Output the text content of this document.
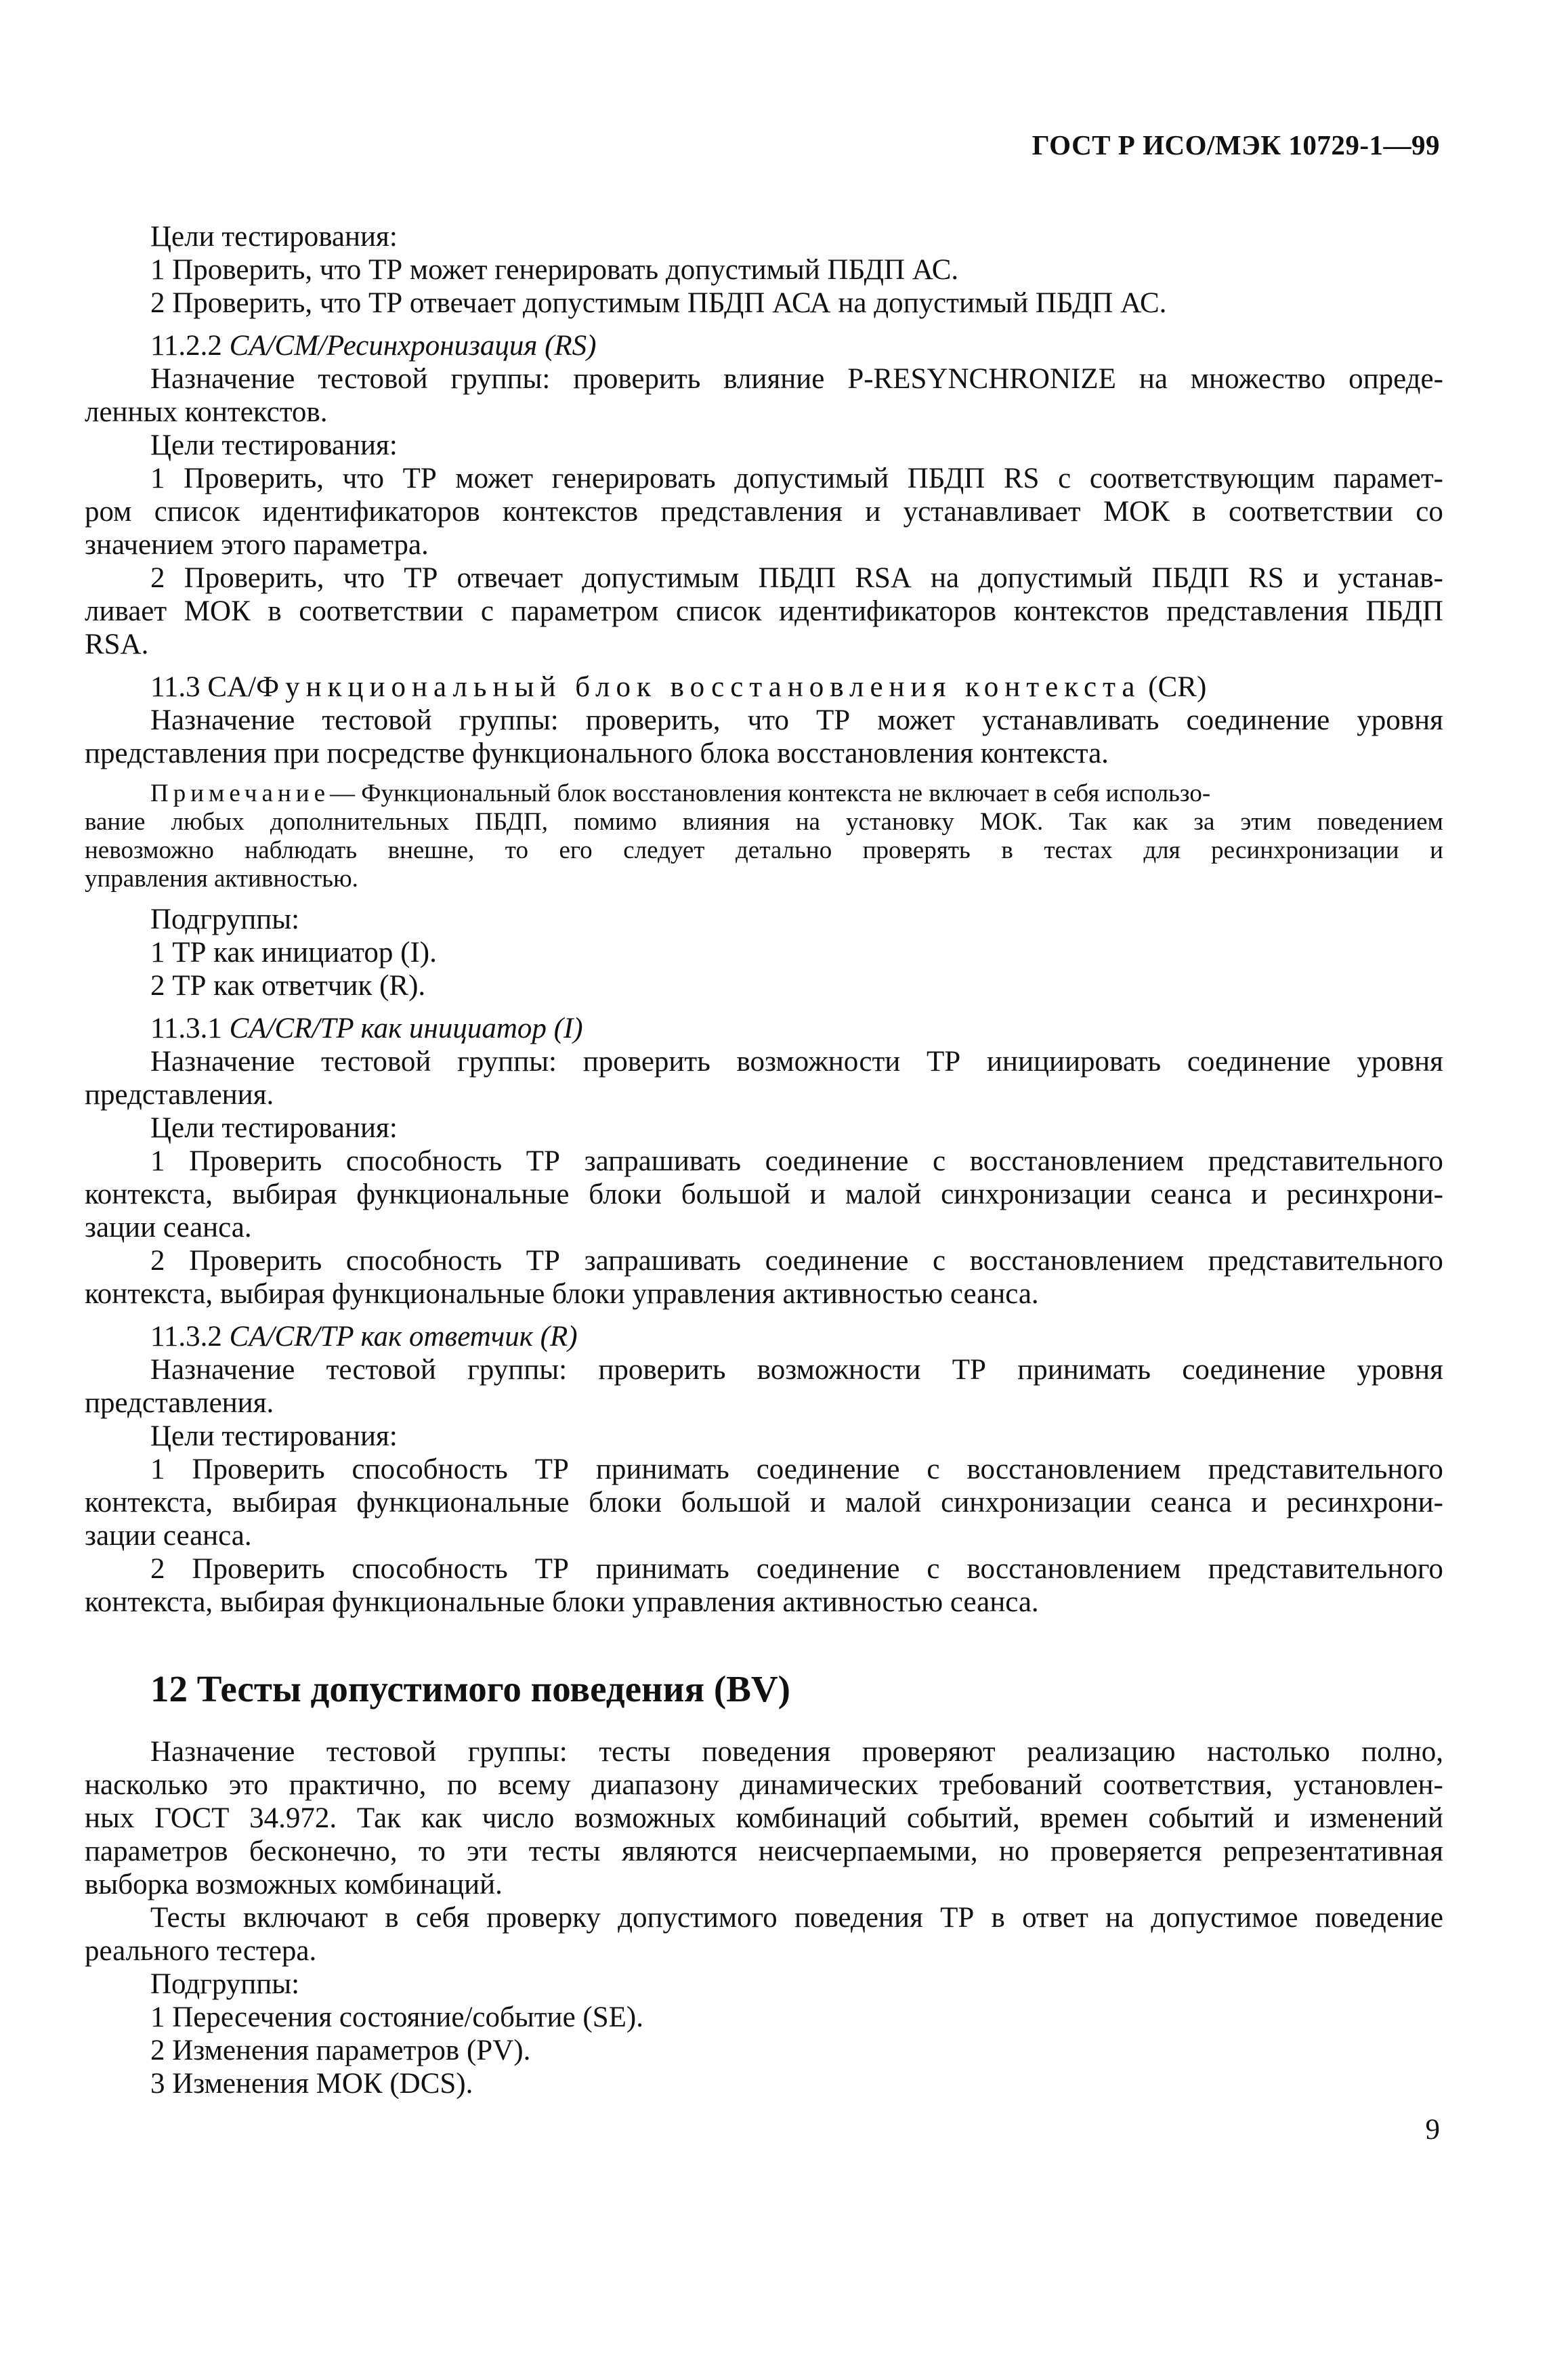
ГОСТ Р ИСО/МЭК 10729-1—99
Цели тестирования:
1 Проверить, что ТР может генерировать допустимый ПБДП АС.
2 Проверить, что ТР отвечает допустимым ПБДП АСА на допустимый ПБДП АС.
11.2.2 CA/CM/Ресинхронизация (RS)
Назначение тестовой группы: проверить влияние P-RESYNCHRONIZE на множество опреде-
ленных контекстов.
Цели тестирования:
1 Проверить, что ТР может генерировать допустимый ПБДП RS с соответствующим парамет-
ром список идентификаторов контекстов представления и устанавливает МОК в соответствии со
значением этого параметра.
2 Проверить, что ТР отвечает допустимым ПБДП RSA на допустимый ПБДП RS и устанав-
ливает МОК в соответствии с параметром список идентификаторов контекстов представления ПБДП
RSA.
11.3 CA/Функциональный блок восстановления контекста (CR)
Назначение тестовой группы: проверить, что ТР может устанавливать соединение уровня
представления при посредстве функционального блока восстановления контекста.
Примечание— Функциональный блок восстановления контекста не включает в себя использо-
вание любых дополнительных ПБДП, помимо влияния на установку МОК. Так как за этим поведением
невозможно наблюдать внешне, то его следует детально проверять в тестах для ресинхронизации и
управления активностью.
Подгруппы:
1 ТР как инициатор (I).
2 ТР как ответчик (R).
11.3.1 CA/CR/TP как инициатор (I)
Назначение тестовой группы: проверить возможности ТР инициировать соединение уровня
представления.
Цели тестирования:
1 Проверить способность ТР запрашивать соединение с восстановлением представительного
контекста, выбирая функциональные блоки большой и малой синхронизации сеанса и ресинхрони-
зации сеанса.
2 Проверить способность ТР запрашивать соединение с восстановлением представительного
контекста, выбирая функциональные блоки управления активностью сеанса.
11.3.2 CA/CR/TP как ответчик (R)
Назначение тестовой группы: проверить возможности ТР принимать соединение уровня
представления.
Цели тестирования:
1 Проверить способность ТР принимать соединение с восстановлением представительного
контекста, выбирая функциональные блоки большой и малой синхронизации сеанса и ресинхрони-
зации сеанса.
2 Проверить способность ТР принимать соединение с восстановлением представительного
контекста, выбирая функциональные блоки управления активностью сеанса.
12 Тесты допустимого поведения (BV)
Назначение тестовой группы: тесты поведения проверяют реализацию настолько полно,
насколько это практично, по всему диапазону динамических требований соответствия, установлен-
ных ГОСТ 34.972. Так как число возможных комбинаций событий, времен событий и изменений
параметров бесконечно, то эти тесты являются неисчерпаемыми, но проверяется репрезентативная
выборка возможных комбинаций.
Тесты включают в себя проверку допустимого поведения ТР в ответ на допустимое поведение
реального тестера.
Подгруппы:
1 Пересечения состояние/событие (SE).
2 Изменения параметров (PV).
3 Изменения МОК (DCS).
9
